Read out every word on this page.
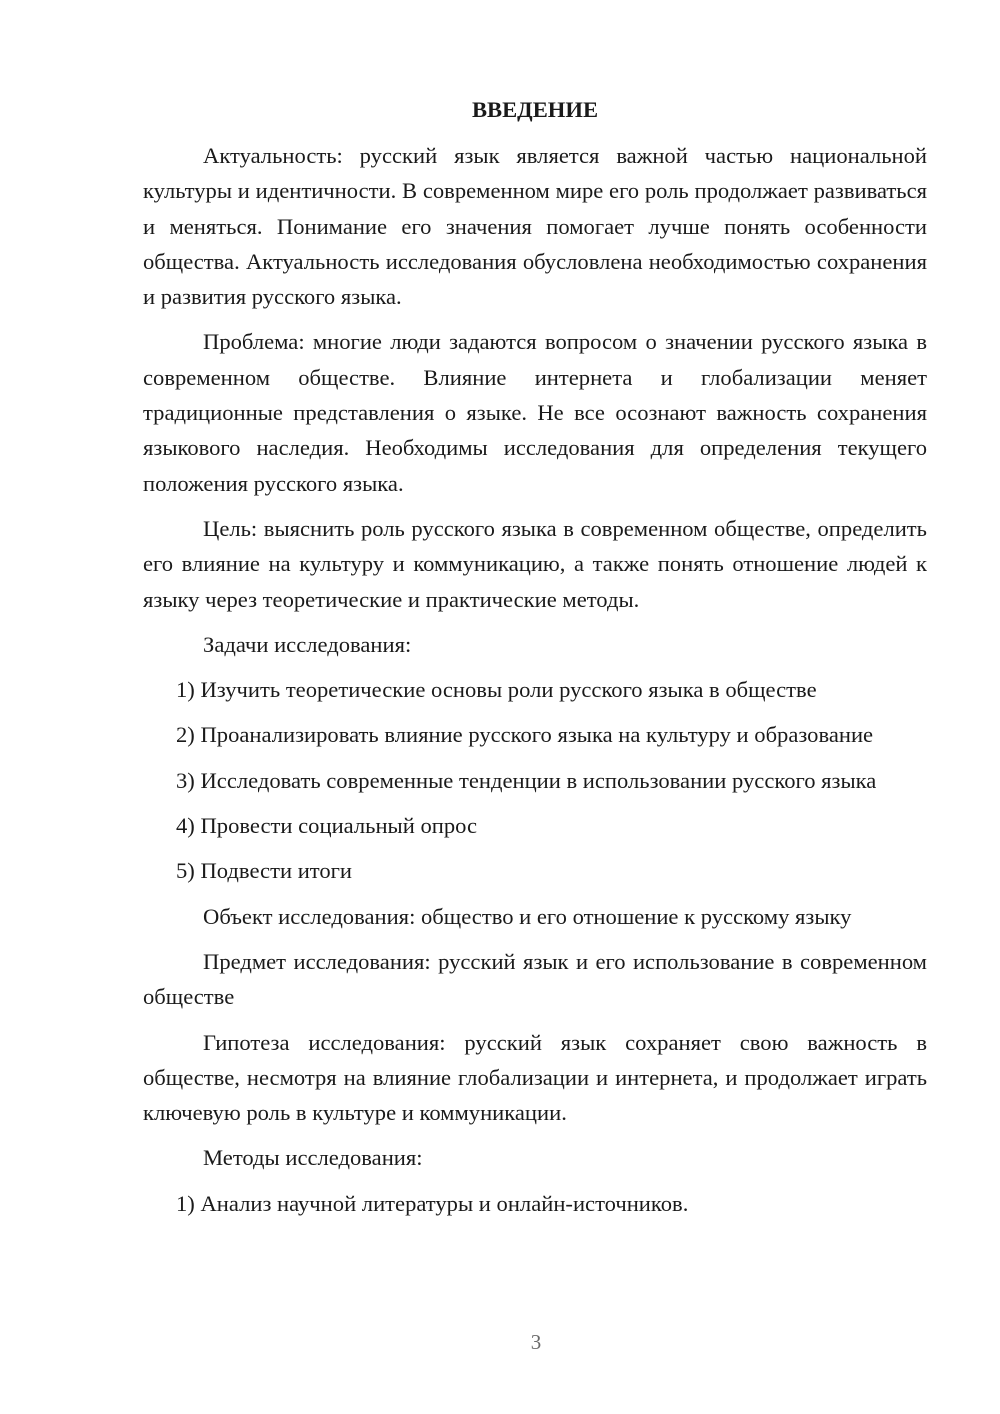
ВВЕДЕНИЕ

Актуальность: русский язык является важной частью национальной культуры и идентичности. В современном мире его роль продолжает развиваться и меняться. Понимание его значения помогает лучше понять особенности общества. Актуальность исследования обусловлена необходимостью сохранения и развития русского языка.

Проблема: многие люди задаются вопросом о значении русского языка в современном обществе. Влияние интернета и глобализации меняет традиционные представления о языке. Не все осознают важность сохранения языкового наследия. Необходимы исследования для определения текущего положения русского языка.

Цель: выяснить роль русского языка в современном обществе, определить его влияние на культуру и коммуникацию, а также понять отношение людей к языку через теоретические и практические методы.

Задачи исследования:

1) Изучить теоретические основы роли русского языка в обществе

2) Проанализировать влияние русского языка на культуру и образование

3) Исследовать современные тенденции в использовании русского языка

4) Провести социальный опрос

5) Подвести итоги

Объект исследования: общество и его отношение к русскому языку

Предмет исследования: русский язык и его использование в современном обществе

Гипотеза исследования: русский язык сохраняет свою важность в обществе, несмотря на влияние глобализации и интернета, и продолжает играть ключевую роль в культуре и коммуникации.

Методы исследования:

1) Анализ научной литературы и онлайн-источников.

3
